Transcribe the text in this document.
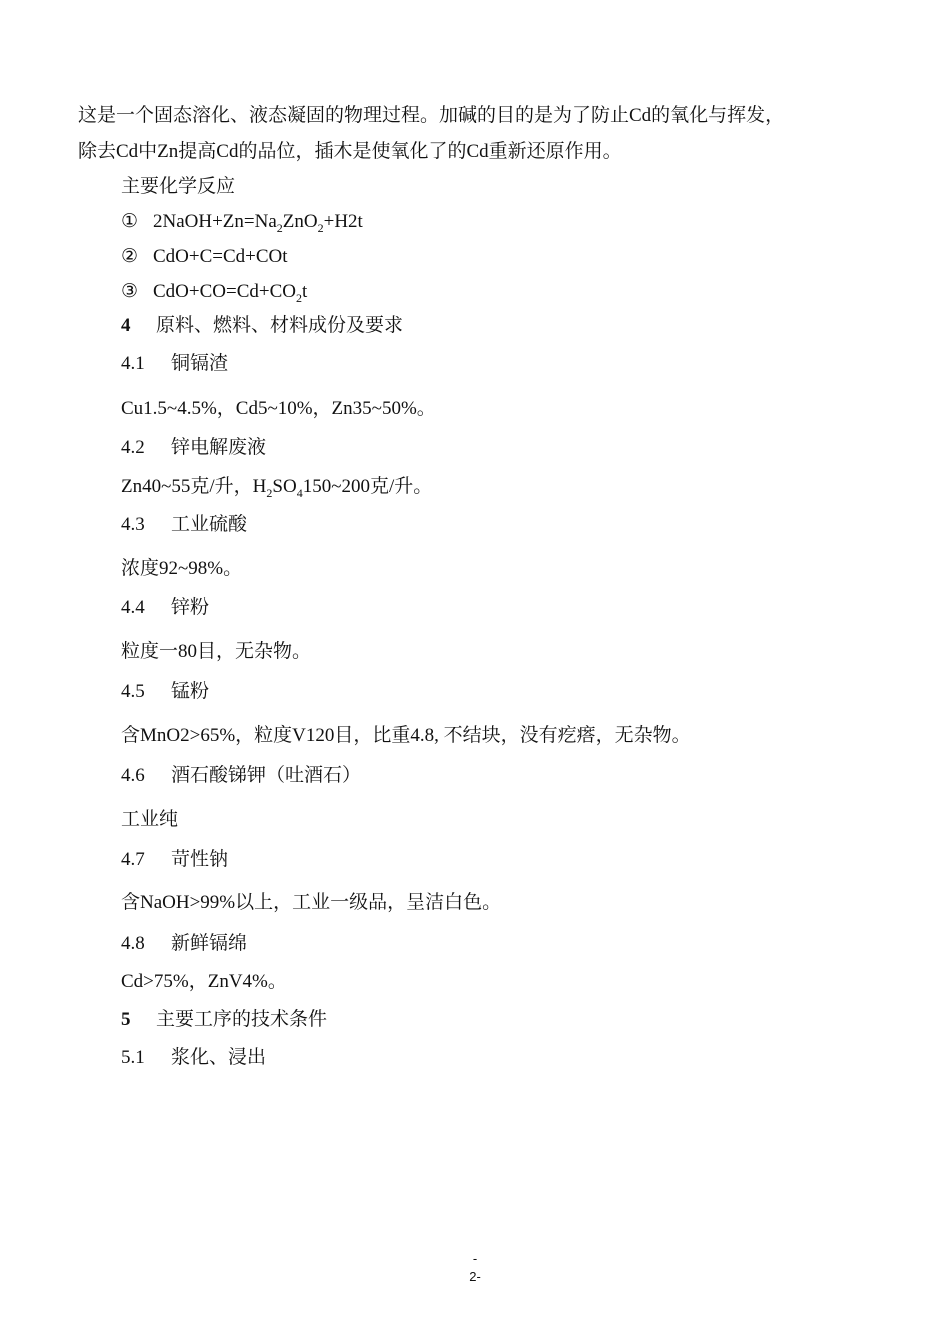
这是一个固态溶化、液态凝固的物理过程。加碱的目的是为了防止Cd的氧化与挥发，
除去Cd中Zn提高Cd的品位，插木是使氧化了的Cd重新还原作用。
主要化学反应
① $2NaOH+Zn=Na_2ZnO_2+H2t$
② CdO+C=Cd+COt
③ $CdO+CO=Cd+CO_2t$
4 原料、燃料、材料成份及要求
4.1 铜镉渣
Cu1.5~4.5%，Cd5~10%，Zn35~50%。
4.2 锌电解废液
Zn40~55克/升，$H_2SO_4150\sim 200$克/升。
4.3 工业硫酸
浓度92~98%。
4.4 锌粉
粒度一80目，无杂物。
4.5 锰粉
含MnO2>65%，粒度V120目，比重4.8, 不结块，没有疙瘩，无杂物。
4.6 酒石酸锑钾（吐酒石）
工业纯
4.7 苛性钠
含NaOH>99%以上，工业一级品，呈洁白色。
4.8 新鲜镉绵
Cd>75%，ZnV4%。
5 主要工序的技术条件
5.1 浆化、浸出
-
2-
